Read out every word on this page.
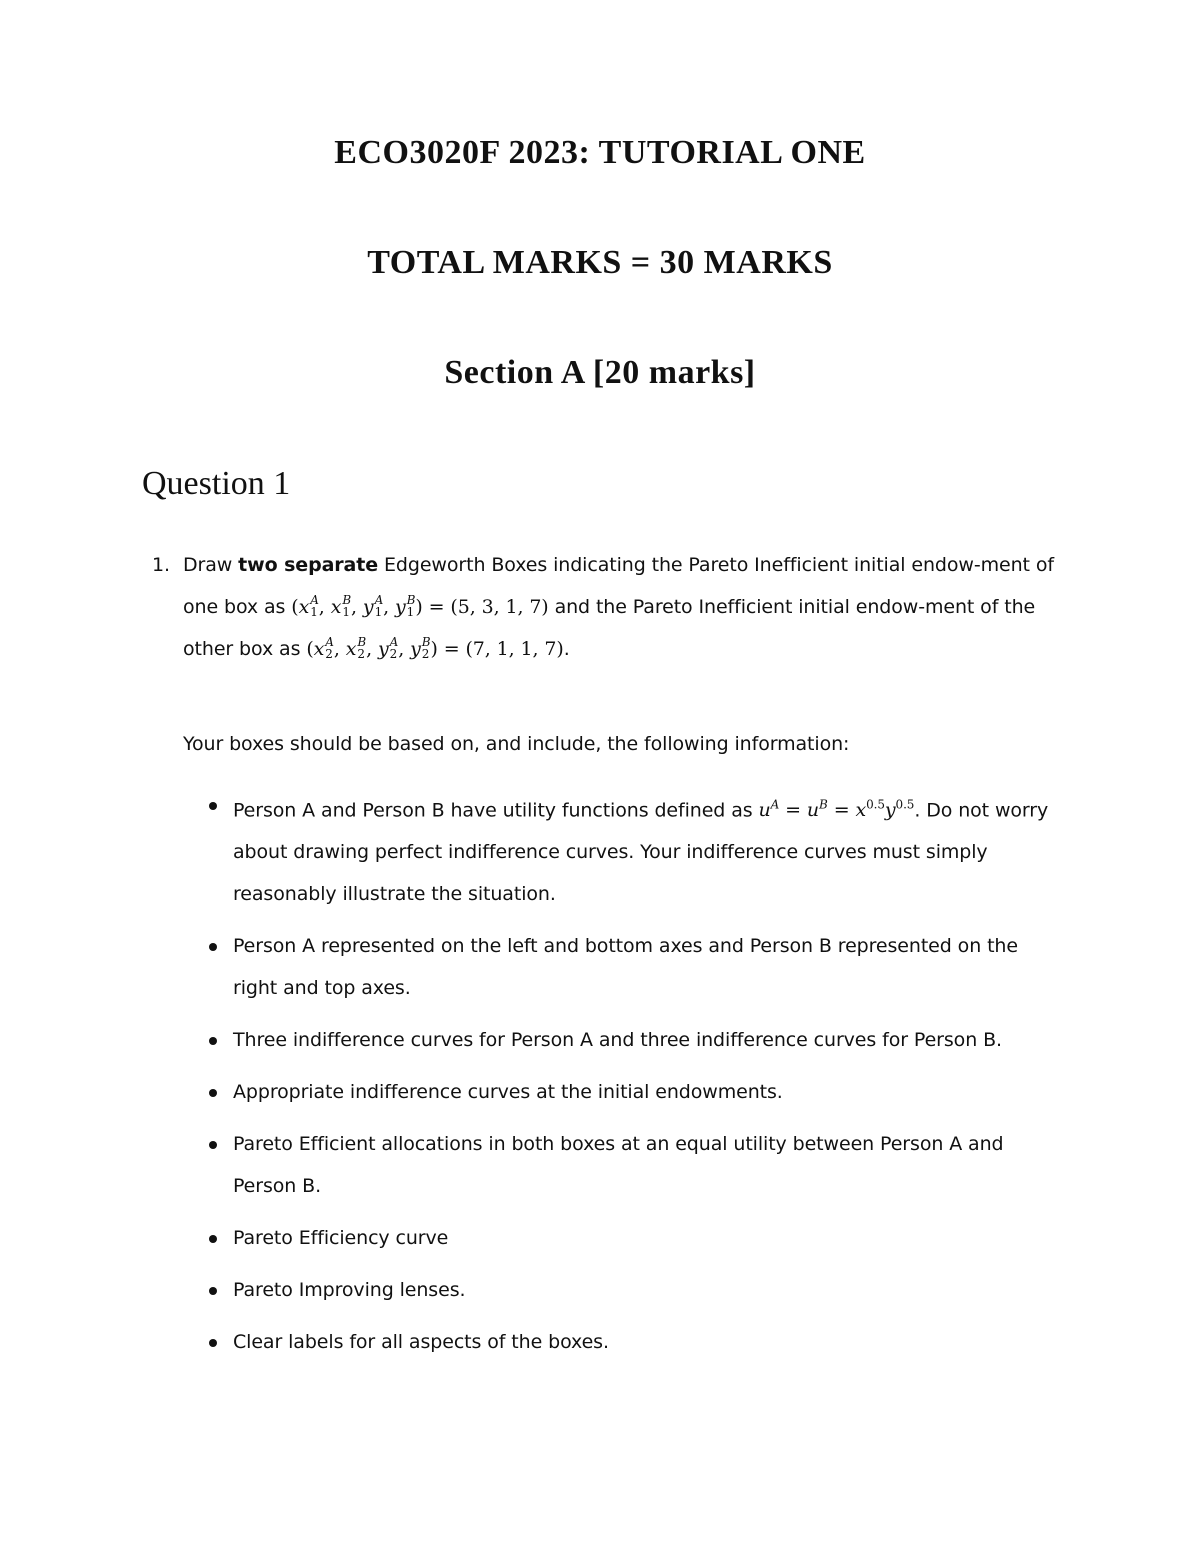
ECO3020F 2023: TUTORIAL ONE
TOTAL MARKS = 30 MARKS
Section A [20 marks]
Question 1
1. Draw two separate Edgeworth Boxes indicating the Pareto Inefficient initial endow-ment of one box as (x A
1 , x B
1 , y A
1 , y B
1 ) = (5, 3, 1, 7) and the Pareto Inefficient initial endow-ment of the other box as (x A
2 , x B
2 , y A
2 , y B
2 ) = (7, 1, 1, 7).
Your boxes should be based on, and include, the following information:
Person A and Person B have utility functions defined as $u^A = u^B = x^{0.5}y^{0.5}$. Do not worry about drawing perfect indifference curves. Your indifference curves must simply reasonably illustrate the situation.
Person A represented on the left and bottom axes and Person B represented on the right and top axes.
Three indifference curves for Person A and three indifference curves for Person B.
Appropriate indifference curves at the initial endowments.
Pareto Efficient allocations in both boxes at an equal utility between Person A and Person B.
Pareto Efficiency curve
Pareto Improving lenses.
Clear labels for all aspects of the boxes.
